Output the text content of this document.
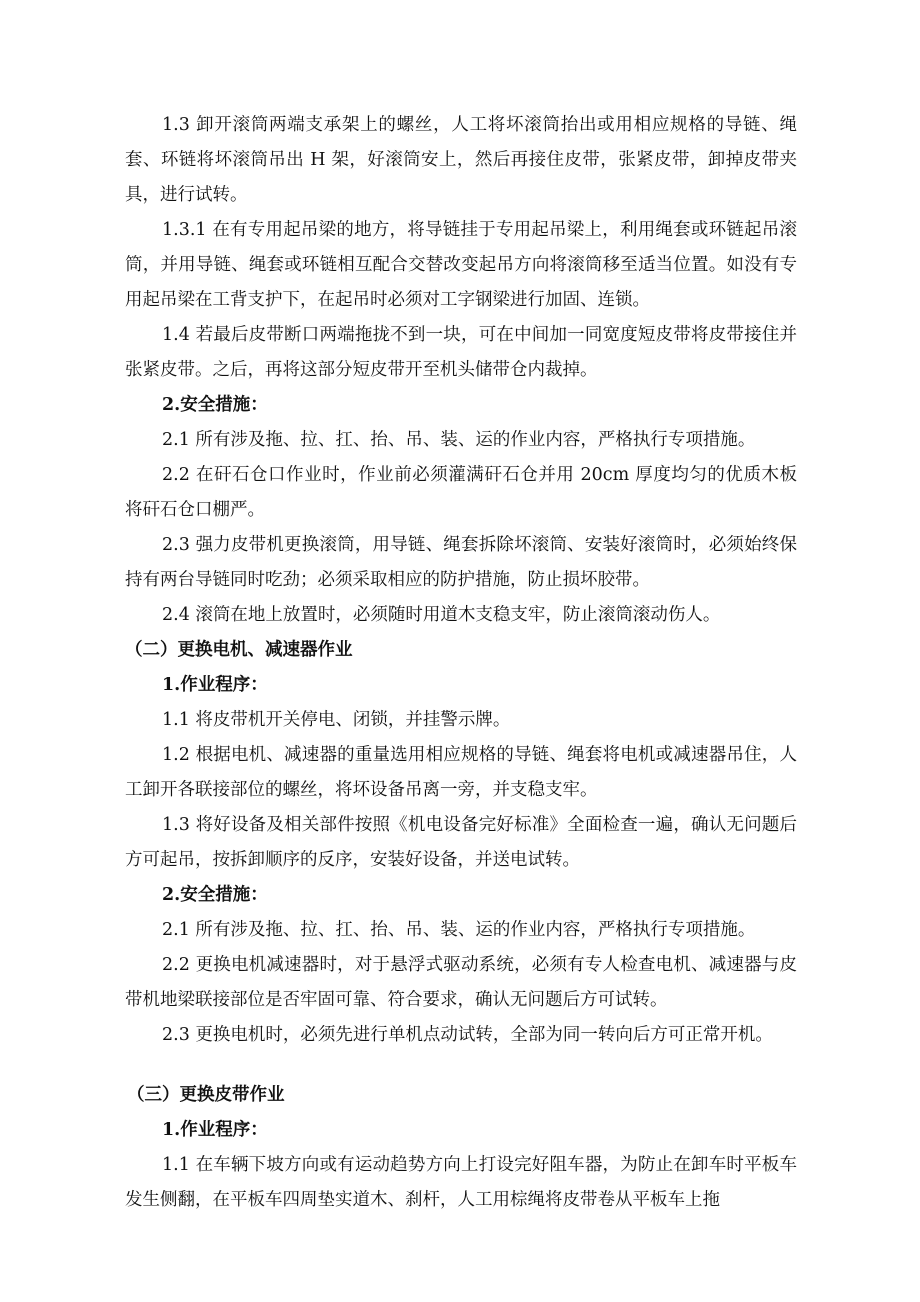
1.3 卸开滚筒两端支承架上的螺丝，人工将坏滚筒抬出或用相应规格的导链、绳套、环链将坏滚筒吊出 H 架，好滚筒安上，然后再接住皮带，张紧皮带，卸掉皮带夹具，进行试转。

1.3.1 在有专用起吊梁的地方，将导链挂于专用起吊梁上，利用绳套或环链起吊滚筒，并用导链、绳套或环链相互配合交替改变起吊方向将滚筒移至适当位置。如没有专用起吊梁在工背支护下，在起吊时必须对工字钢梁进行加固、连锁。

1.4 若最后皮带断口两端拖拢不到一块，可在中间加一同宽度短皮带将皮带接住并张紧皮带。之后，再将这部分短皮带开至机头储带仓内裁掉。

2.安全措施：

2.1 所有涉及拖、拉、扛、抬、吊、装、运的作业内容，严格执行专项措施。

2.2 在矸石仓口作业时，作业前必须灌满矸石仓并用 20cm 厚度均匀的优质木板将矸石仓口棚严。

2.3 强力皮带机更换滚筒，用导链、绳套拆除坏滚筒、安装好滚筒时，必须始终保持有两台导链同时吃劲；必须采取相应的防护措施，防止损坏胶带。

2.4 滚筒在地上放置时，必须随时用道木支稳支牢，防止滚筒滚动伤人。

（二）更换电机、减速器作业

1.作业程序：

1.1 将皮带机开关停电、闭锁，并挂警示牌。

1.2 根据电机、减速器的重量选用相应规格的导链、绳套将电机或减速器吊住，人工卸开各联接部位的螺丝，将坏设备吊离一旁，并支稳支牢。

1.3 将好设备及相关部件按照《机电设备完好标准》全面检查一遍，确认无问题后方可起吊，按拆卸顺序的反序，安装好设备，并送电试转。

2.安全措施：

2.1 所有涉及拖、拉、扛、抬、吊、装、运的作业内容，严格执行专项措施。

2.2 更换电机减速器时，对于悬浮式驱动系统，必须有专人检查电机、减速器与皮带机地梁联接部位是否牢固可靠、符合要求，确认无问题后方可试转。

2.3 更换电机时，必须先进行单机点动试转，全部为同一转向后方可正常开机。

（三）更换皮带作业

1.作业程序：

1.1 在车辆下坡方向或有运动趋势方向上打设完好阻车器，为防止在卸车时平板车发生侧翻，在平板车四周垫实道木、刹杆，人工用棕绳将皮带卷从平板车上拖
